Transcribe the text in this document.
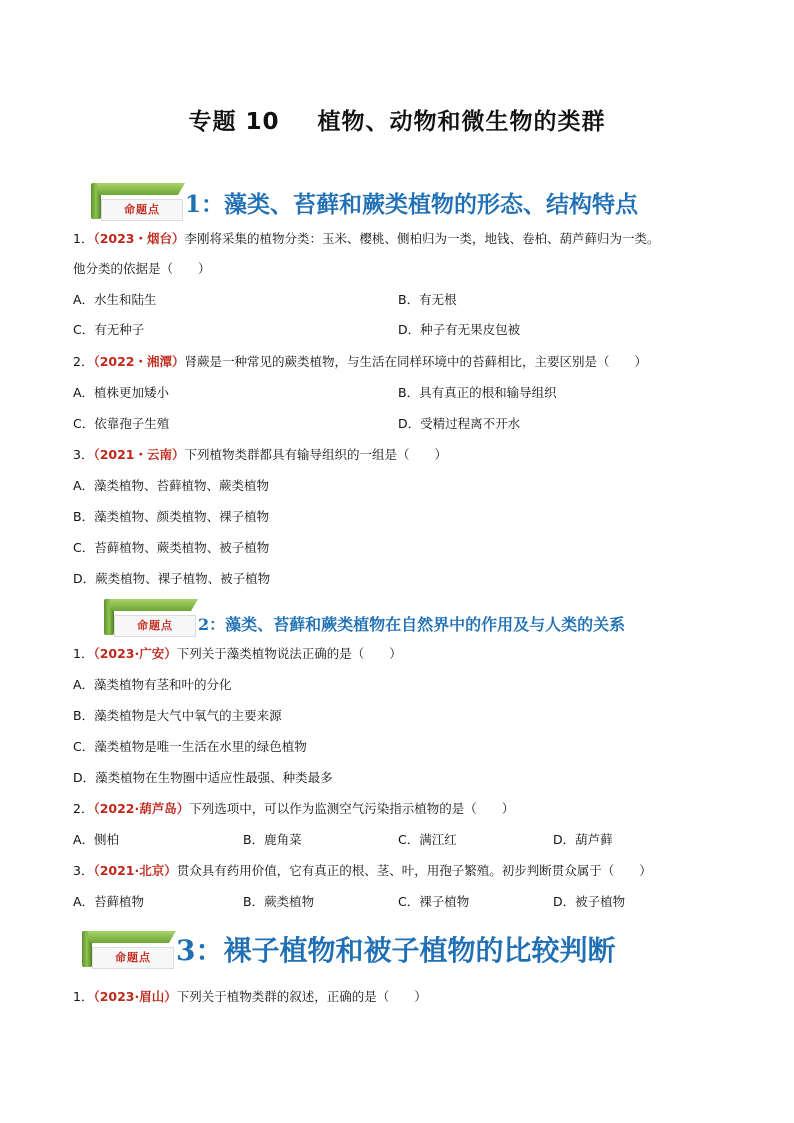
专题 10 植物、动物和微生物的类群
命题点	1：藻类、苔藓和蕨类植物的形态、结构特点
1．（2023・烟台）李刚将采集的植物分类：玉米、樱桃、侧柏归为一类，地钱、卷柏、葫芦藓归为一类。
他分类的依据是（　　）
A．水生和陆生	B．有无根
C．有无种子	D．种子有无果皮包被
2．（2022・湘潭）肾蕨是一种常见的蕨类植物，与生活在同样环境中的苔藓相比，主要区别是（　　）
A．植株更加矮小	B．具有真正的根和输导组织
C．依靠孢子生殖	D．受精过程离不开水
3．（2021・云南）下列植物类群都具有输导组织的一组是（　　）
A．藻类植物、苔藓植物、蕨类植物
B．藻类植物、颜类植物、裸子植物
C．苔藓植物、蕨类植物、被子植物
D．蕨类植物、裸子植物、被子植物
命题点	2：藻类、苔藓和蕨类植物在自然界中的作用及与人类的关系
1．（2023·广安）下列关于藻类植物说法正确的是（　　）
A．藻类植物有茎和叶的分化
B．藻类植物是大气中氧气的主要来源
C．藻类植物是唯一生活在水里的绿色植物
D．藻类植物在生物圈中适应性最强、种类最多
2．（2022·葫芦岛）下列选项中，可以作为监测空气污染指示植物的是（　　）
A．侧柏	B．鹿角菜	C．满江红	D．葫芦藓
3．（2021·北京）贯众具有药用价值，它有真正的根、茎、叶，用孢子繁殖。初步判断贯众属于（　　）
A．苔藓植物	B．蕨类植物	C．裸子植物	D．被子植物
命题点 3：裸子植物和被子植物的比较判断
1．（2023·眉山）下列关于植物类群的叙述，正确的是（　　）
